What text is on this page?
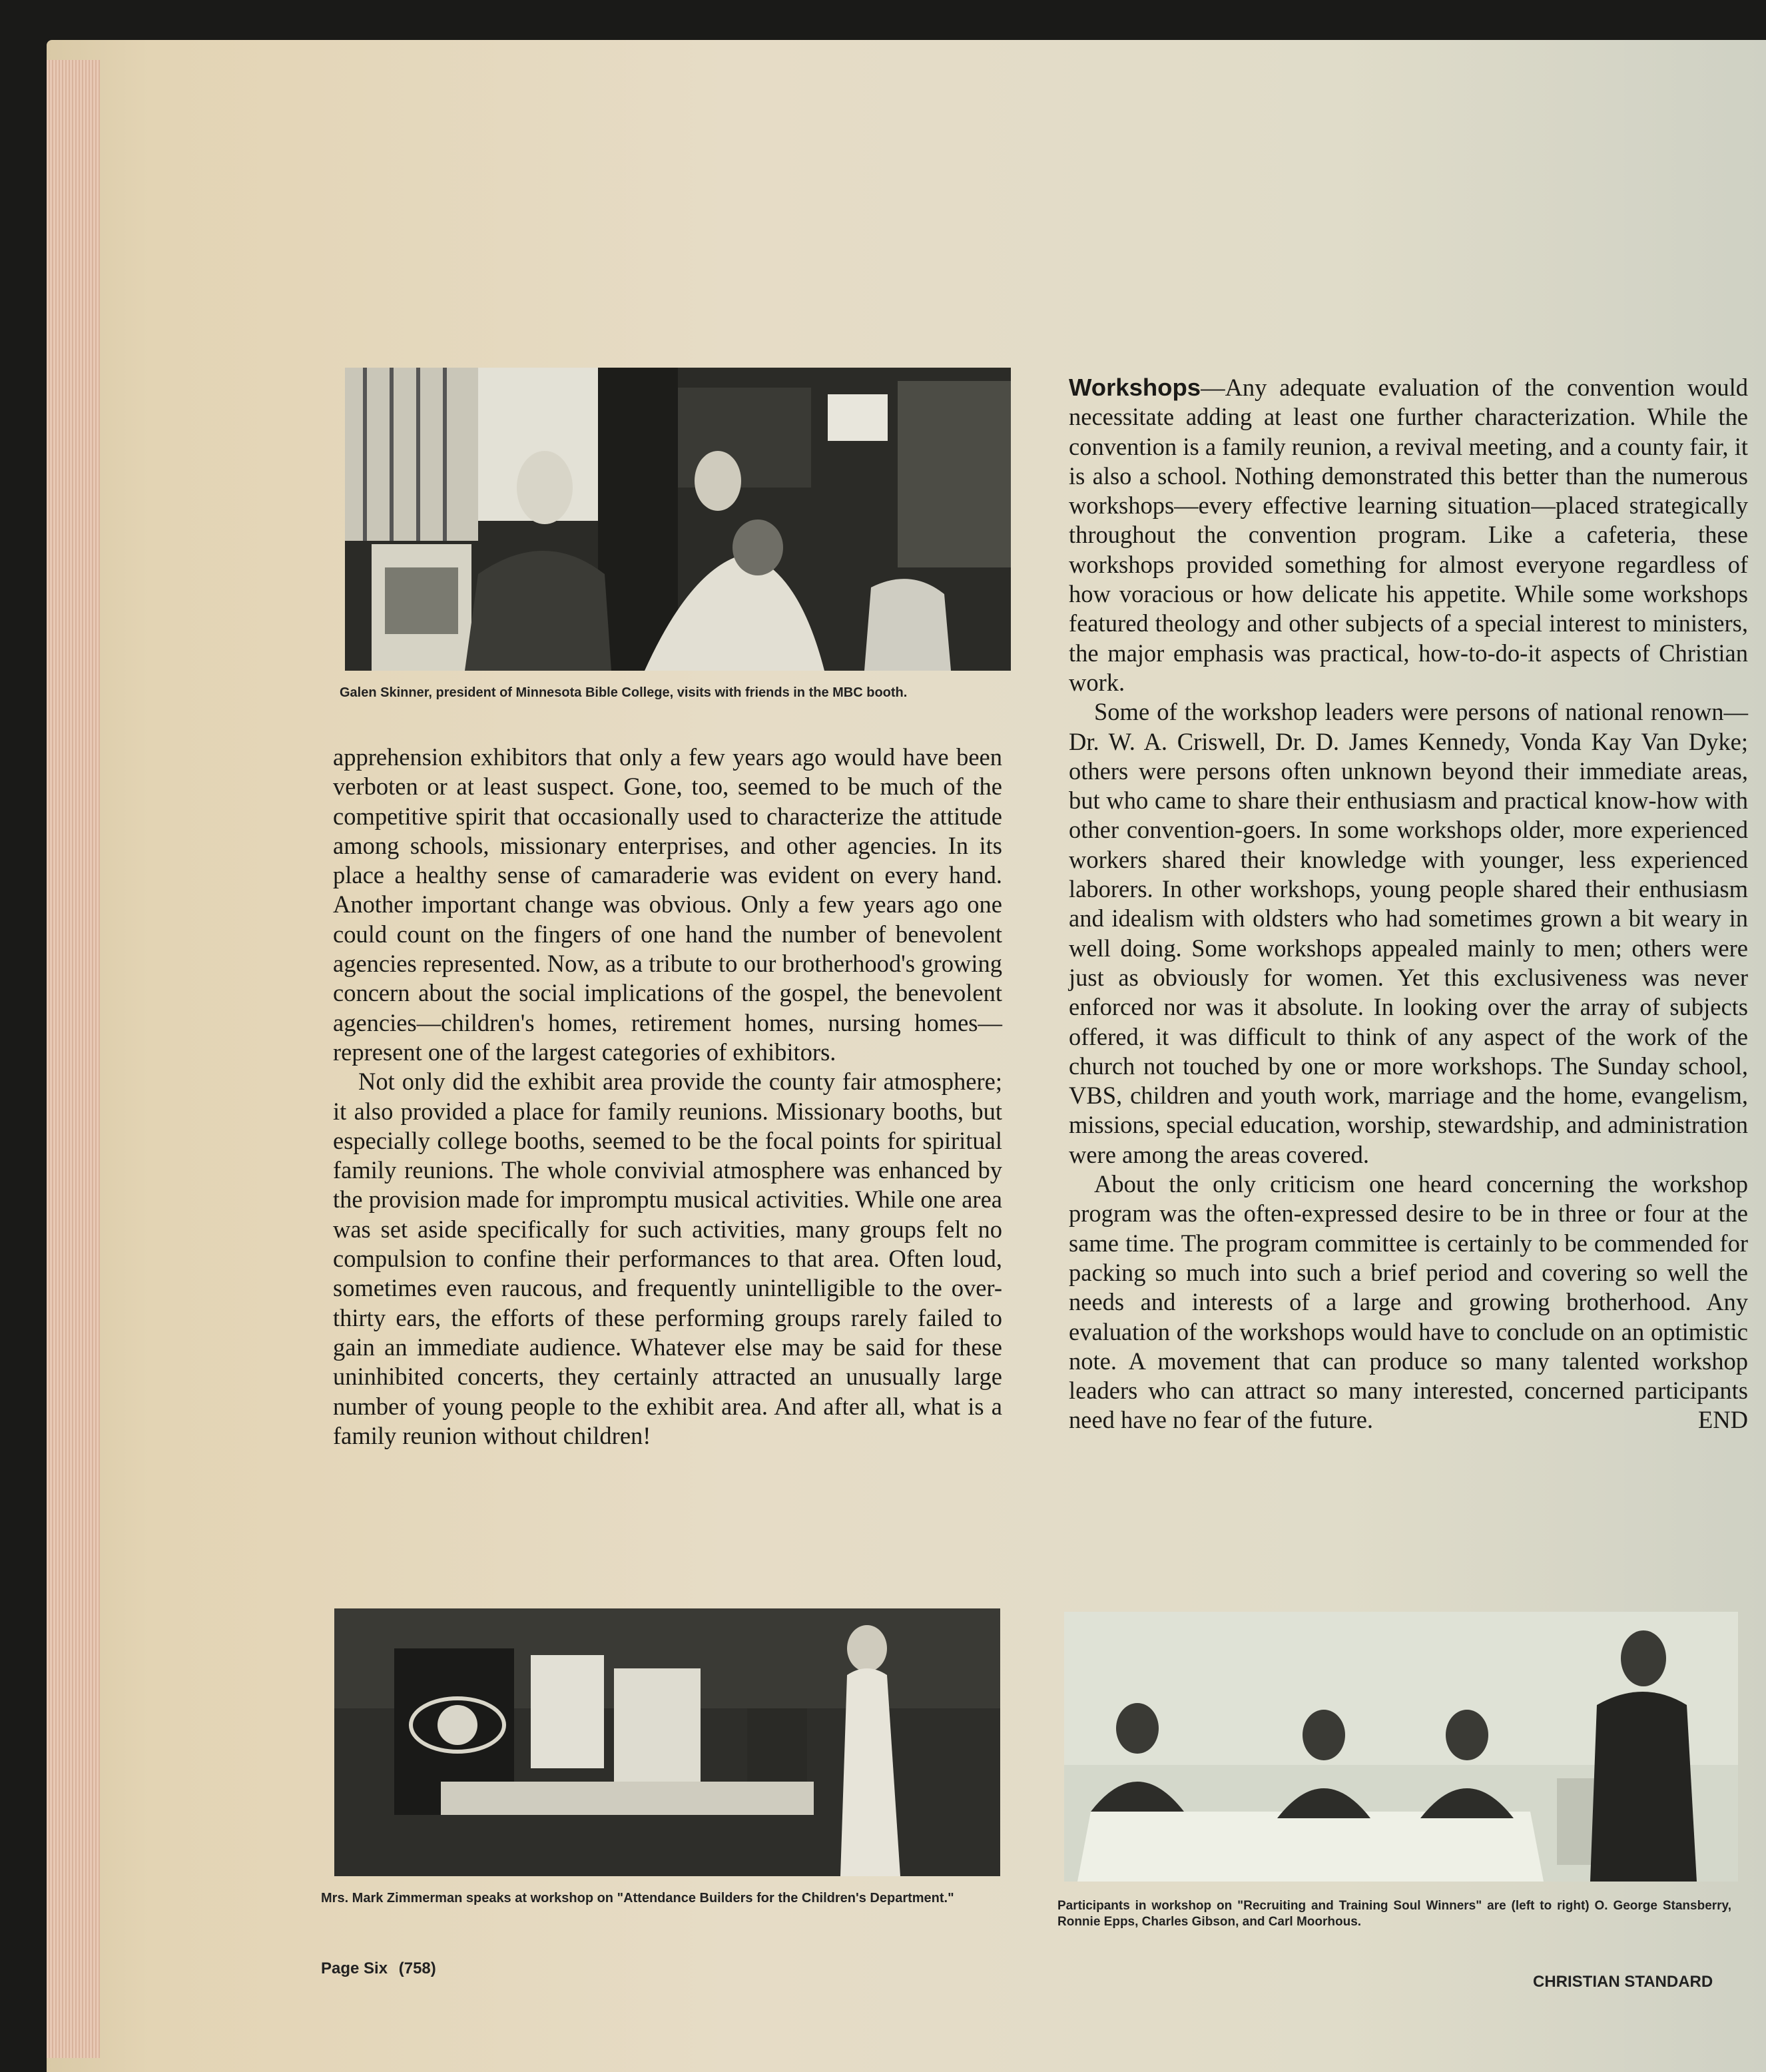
Galen Skinner, president of Minnesota Bible College, visits with friends in the MBC booth.

apprehension exhibitors that only a few years ago would have been verboten or at least suspect. Gone, too, seemed to be much of the competitive spirit that occasionally used to characterize the attitude among schools, missionary enterprises, and other agencies. In its place a healthy sense of camaraderie was evident on every hand. Another important change was obvious. Only a few years ago one could count on the fingers of one hand the number of benevolent agencies represented. Now, as a tribute to our brotherhood's growing concern about the social implications of the gospel, the benevolent agencies—children's homes, retirement homes, nursing homes—represent one of the largest categories of exhibitors.

Not only did the exhibit area provide the county fair atmosphere; it also provided a place for family reunions. Missionary booths, but especially college booths, seemed to be the focal points for spiritual family reunions. The whole convivial atmosphere was enhanced by the provision made for impromptu musical activities. While one area was set aside specifically for such activities, many groups felt no compulsion to confine their performances to that area. Often loud, sometimes even raucous, and frequently unintelligible to the over-thirty ears, the efforts of these performing groups rarely failed to gain an immediate audience. Whatever else may be said for these uninhibited concerts, they certainly attracted an unusually large number of young people to the exhibit area. And after all, what is a family reunion without children!

Workshops—Any adequate evaluation of the convention would necessitate adding at least one further characterization. While the convention is a family reunion, a revival meeting, and a county fair, it is also a school. Nothing demonstrated this better than the numerous workshops—every effective learning situation—placed strategically throughout the convention program. Like a cafeteria, these workshops provided something for almost everyone regardless of how voracious or how delicate his appetite. While some workshops featured theology and other subjects of a special interest to ministers, the major emphasis was practical, how-to-do-it aspects of Christian work.

Some of the workshop leaders were persons of national renown—Dr. W. A. Criswell, Dr. D. James Kennedy, Vonda Kay Van Dyke; others were persons often unknown beyond their immediate areas, but who came to share their enthusiasm and practical know-how with other convention-goers. In some workshops older, more experienced workers shared their knowledge with younger, less experienced laborers. In other workshops, young people shared their enthusiasm and idealism with oldsters who had sometimes grown a bit weary in well doing. Some workshops appealed mainly to men; others were just as obviously for women. Yet this exclusiveness was never enforced nor was it absolute. In looking over the array of subjects offered, it was difficult to think of any aspect of the work of the church not touched by one or more workshops. The Sunday school, VBS, children and youth work, marriage and the home, evangelism, missions, special education, worship, stewardship, and administration were among the areas covered.

About the only criticism one heard concerning the workshop program was the often-expressed desire to be in three or four at the same time. The program committee is certainly to be commended for packing so much into such a brief period and covering so well the needs and interests of a large and growing brotherhood. Any evaluation of the workshops would have to conclude on an optimistic note. A movement that can produce so many talented workshop leaders who can attract so many interested, concerned participants need have no fear of the future.	END

Mrs. Mark Zimmerman speaks at workshop on "Attendance Builders for the Children's Department."
Participants in workshop on "Recruiting and Training Soul Winners" are (left to right) O. George Stansberry, Ronnie Epps, Charles Gibson, and Carl Moorhous.
Page Six (758)
CHRISTIAN STANDARD
